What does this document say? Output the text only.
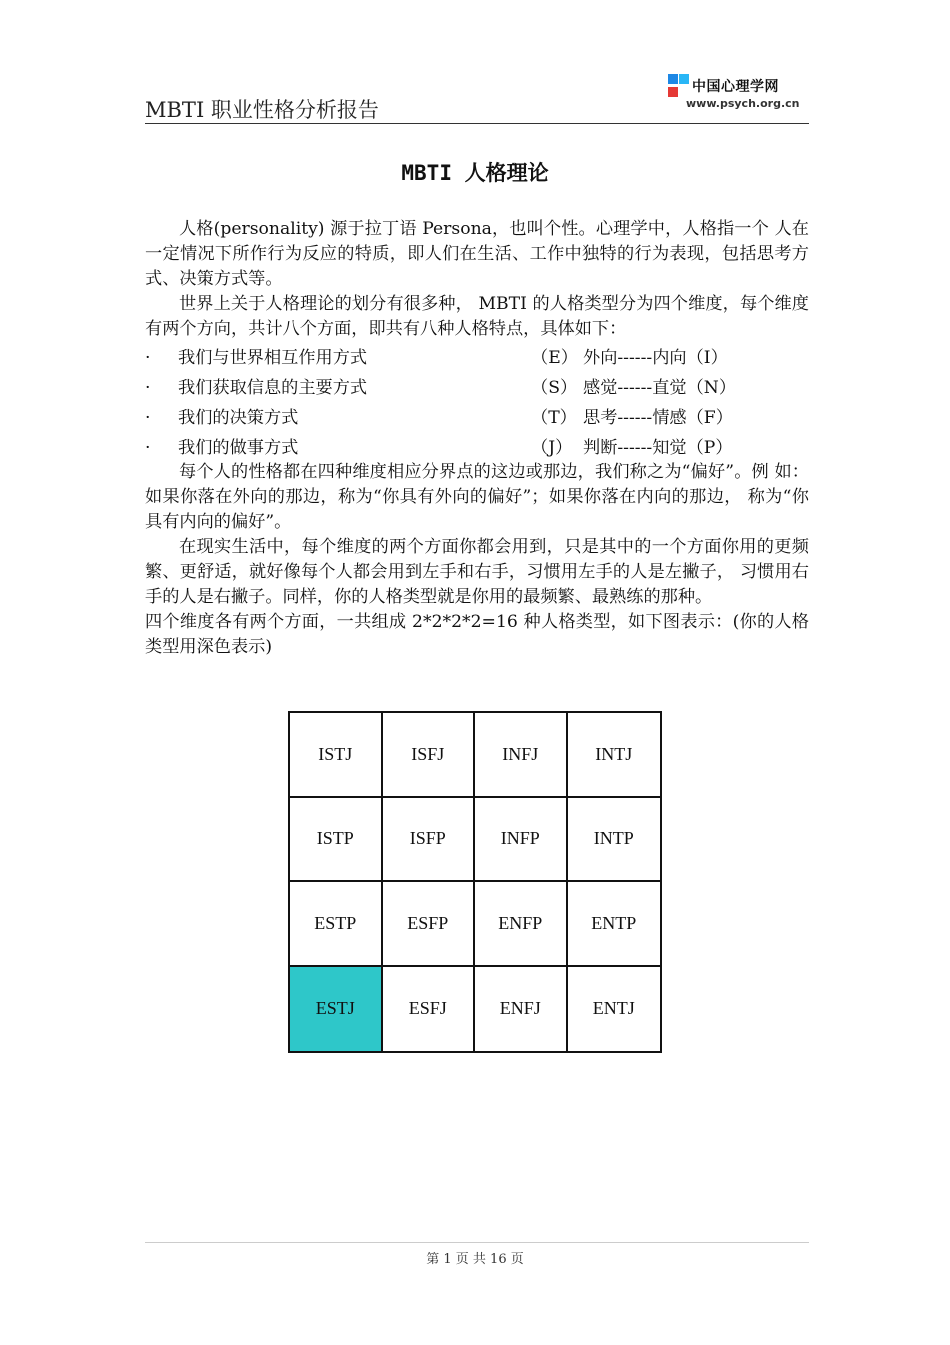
MBTI 职业性格分析报告
中国心理学网
www.psych.org.cn
MBTI 人格理论

人格(personality) 源于拉丁语 Persona，也叫个性。心理学中，人格指一个 人在一定情况下所作行为反应的特质，即人们在生活、工作中独特的行为表现，包括思考方式、决策方式等。

世界上关于人格理论的划分有很多种， MBTI 的人格类型分为四个维度，每个维度有两个方向，共计八个方面，即共有八种人格特点，具体如下：

· 我们与世界相互作用方式	（E） 外向------内向（I）
· 我们获取信息的主要方式	（S） 感觉------直觉（N）
· 我们的决策方式	（T） 思考------情感（F）
· 我们的做事方式	（J） 判断------知觉（P）

每个人的性格都在四种维度相应分界点的这边或那边，我们称之为“偏好”。例 如：如果你落在外向的那边，称为“你具有外向的偏好”；如果你落在内向的那边， 称为“你具有内向的偏好”。

在现实生活中，每个维度的两个方面你都会用到，只是其中的一个方面你用的更频繁、更舒适，就好像每个人都会用到左手和右手，习惯用左手的人是左撇子， 习惯用右手的人是右撇子。同样，你的人格类型就是你用的最频繁、最熟练的那种。

四个维度各有两个方面，一共组成 2*2*2*2=16 种人格类型，如下图表示：(你的人格类型用深色表示)

ISTJ	ISFJ	INFJ	INTJ
ISTP	ISFP	INFP	INTP
ESTP	ESFP	ENFP	ENTP
ESTJ	ESFJ	ENFJ	ENTJ
第 1 页 共 16 页
